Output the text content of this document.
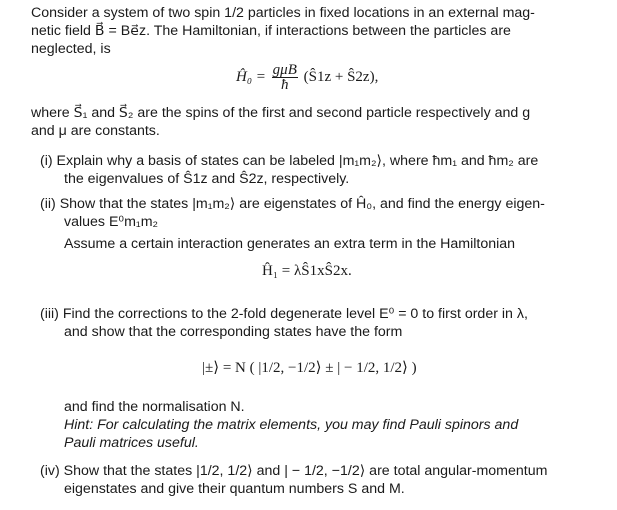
Consider a system of two spin 1/2 particles in fixed locations in an external mag-
netic field B⃗ = Be⃗z. The Hamiltonian, if interactions between the particles are
neglected, is
Ĥ₀ = $\frac{\text{gμB}}{ħ}$ (Ŝ1z + Ŝ2z),
where S⃗₁ and S⃗₂ are the spins of the first and second particle respectively and g
and μ are constants.
(i) Explain why a basis of states can be labeled |m₁m₂⟩, where ħm₁ and ħm₂ are
the eigenvalues of Ŝ1z and Ŝ2z, respectively.
(ii) Show that the states |m₁m₂⟩ are eigenstates of Ĥ₀, and find the energy eigen-
values E⁰m₁m₂
Assume a certain interaction generates an extra term in the Hamiltonian
Ĥ₁ = λŜ1xŜ2x.
(iii) Find the corrections to the 2-fold degenerate level E⁰ = 0 to first order in λ,
and show that the corresponding states have the form
|±⟩ = N ( |1/2, −1/2⟩ ± | − 1/2, 1/2⟩ )
and find the normalisation N.
Hint: For calculating the matrix elements, you may find Pauli spinors and
Pauli matrices useful.
(iv) Show that the states |1/2, 1/2⟩ and | − 1/2, −1/2⟩ are total angular-momentum
eigenstates and give their quantum numbers S and M.
